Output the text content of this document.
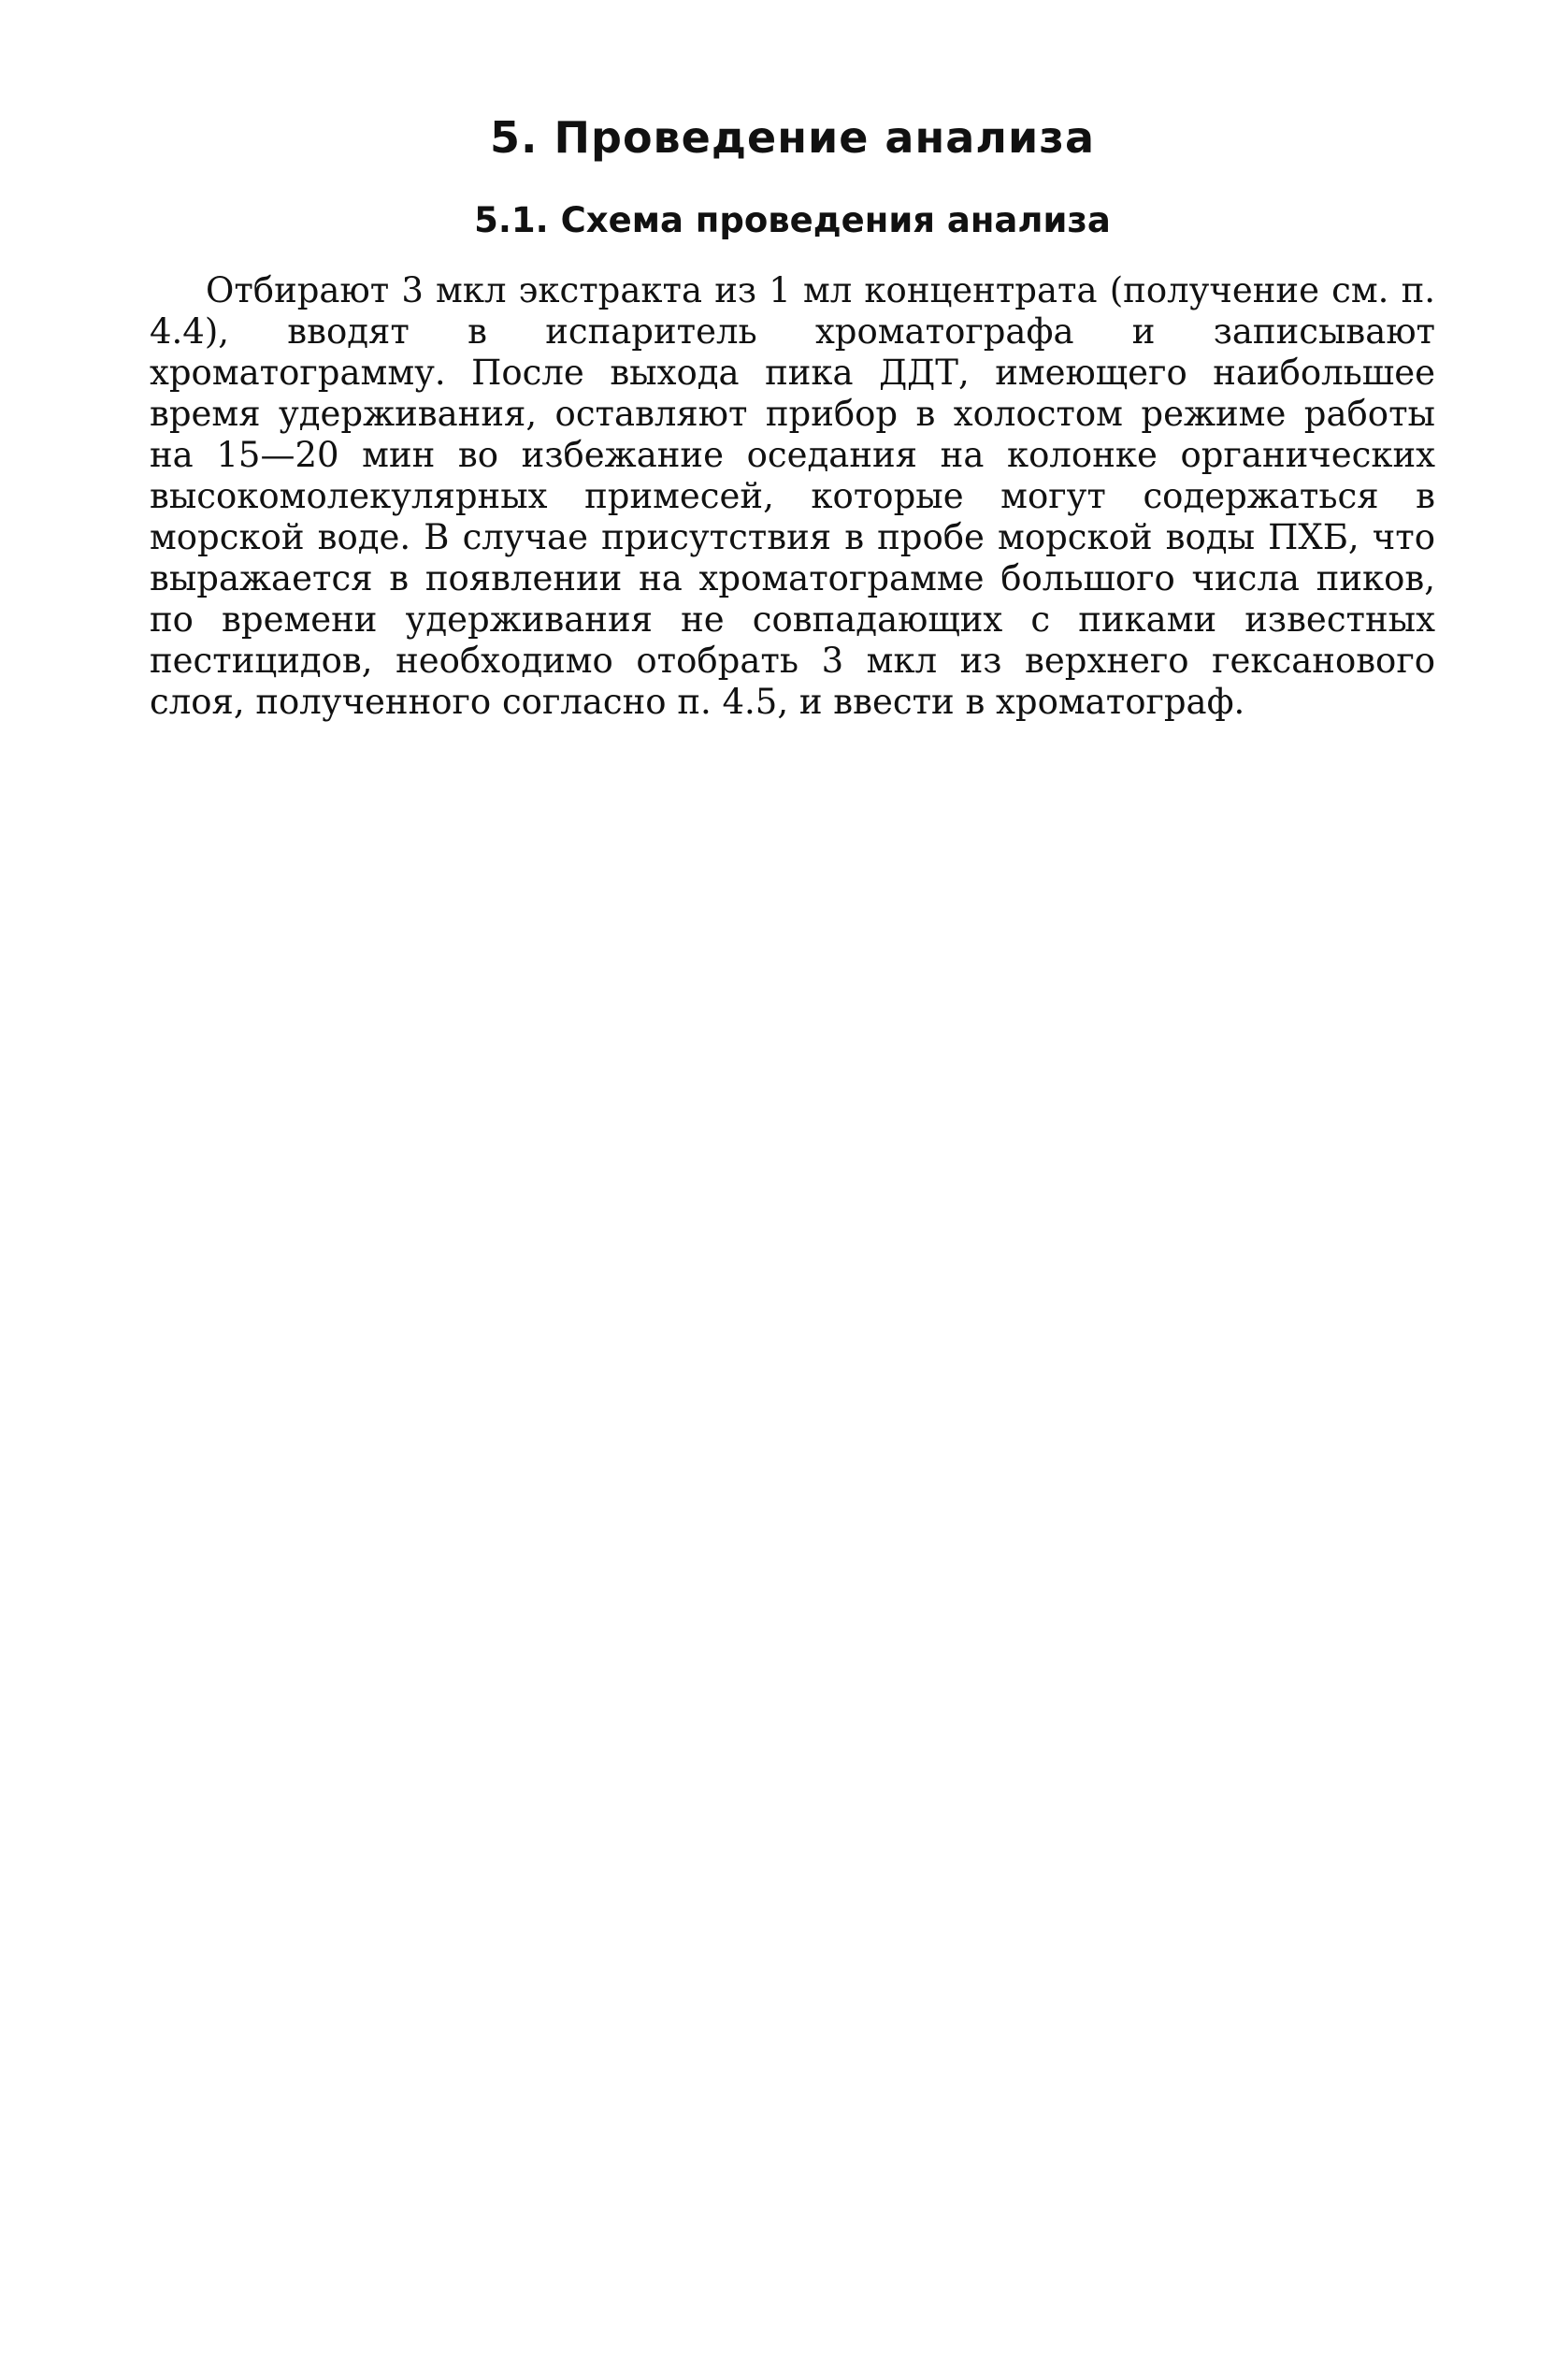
5. Проведение анализа
5.1. Схема проведения анализа

Отбирают 3 мкл экстракта из 1 мл концентрата (получение см. п. 4.4), вводят в испаритель хроматографа и записывают хроматограмму. После выхода пика ДДТ, имеющего наибольшее время удерживания, оставляют прибор в холостом режиме работы на 15—20 мин во избежание оседания на колонке органических высокомолекулярных примесей, которые могут содержаться в морской воде. В случае присутствия в пробе морской воды ПХБ, что выражается в появлении на хроматограмме большого числа пиков, по времени удерживания не совпадающих с пиками известных пестицидов, необходимо отобрать 3 мкл из верхнего гексанового слоя, полученного согласно п. 4.5, и ввести в хроматограф.
